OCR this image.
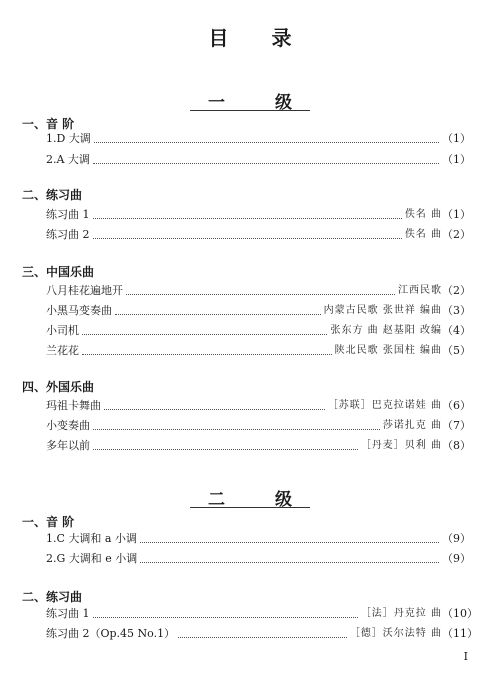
目 录
一 级
一、音 阶
1.D 大调	（1）
2.A 大调	（1）
二、练习曲
练习曲 1	佚名 曲 （1）
练习曲 2	佚名 曲 （2）
三、中国乐曲
八月桂花遍地开	江西民歌 （2）
小黑马变奏曲	内蒙古民歌 张世祥 编曲 （3）
小司机	张东方 曲 赵基阳 改编 （4）
兰花花	陕北民歌 张国柱 编曲 （5）
四、外国乐曲
玛祖卡舞曲	［苏联］巴克拉诺娃 曲 （6）
小变奏曲	莎诺扎克 曲 （7）
多年以前	［丹麦］贝利 曲 （8）
二 级
一、音 阶
1.C 大调和 a 小调	（9）
2.G 大调和 e 小调	（9）
二、练习曲
练习曲 1	［法］丹克拉 曲 （10）
练习曲 2（Op.45 No.1）	［德］沃尔法特 曲 （11）
I
